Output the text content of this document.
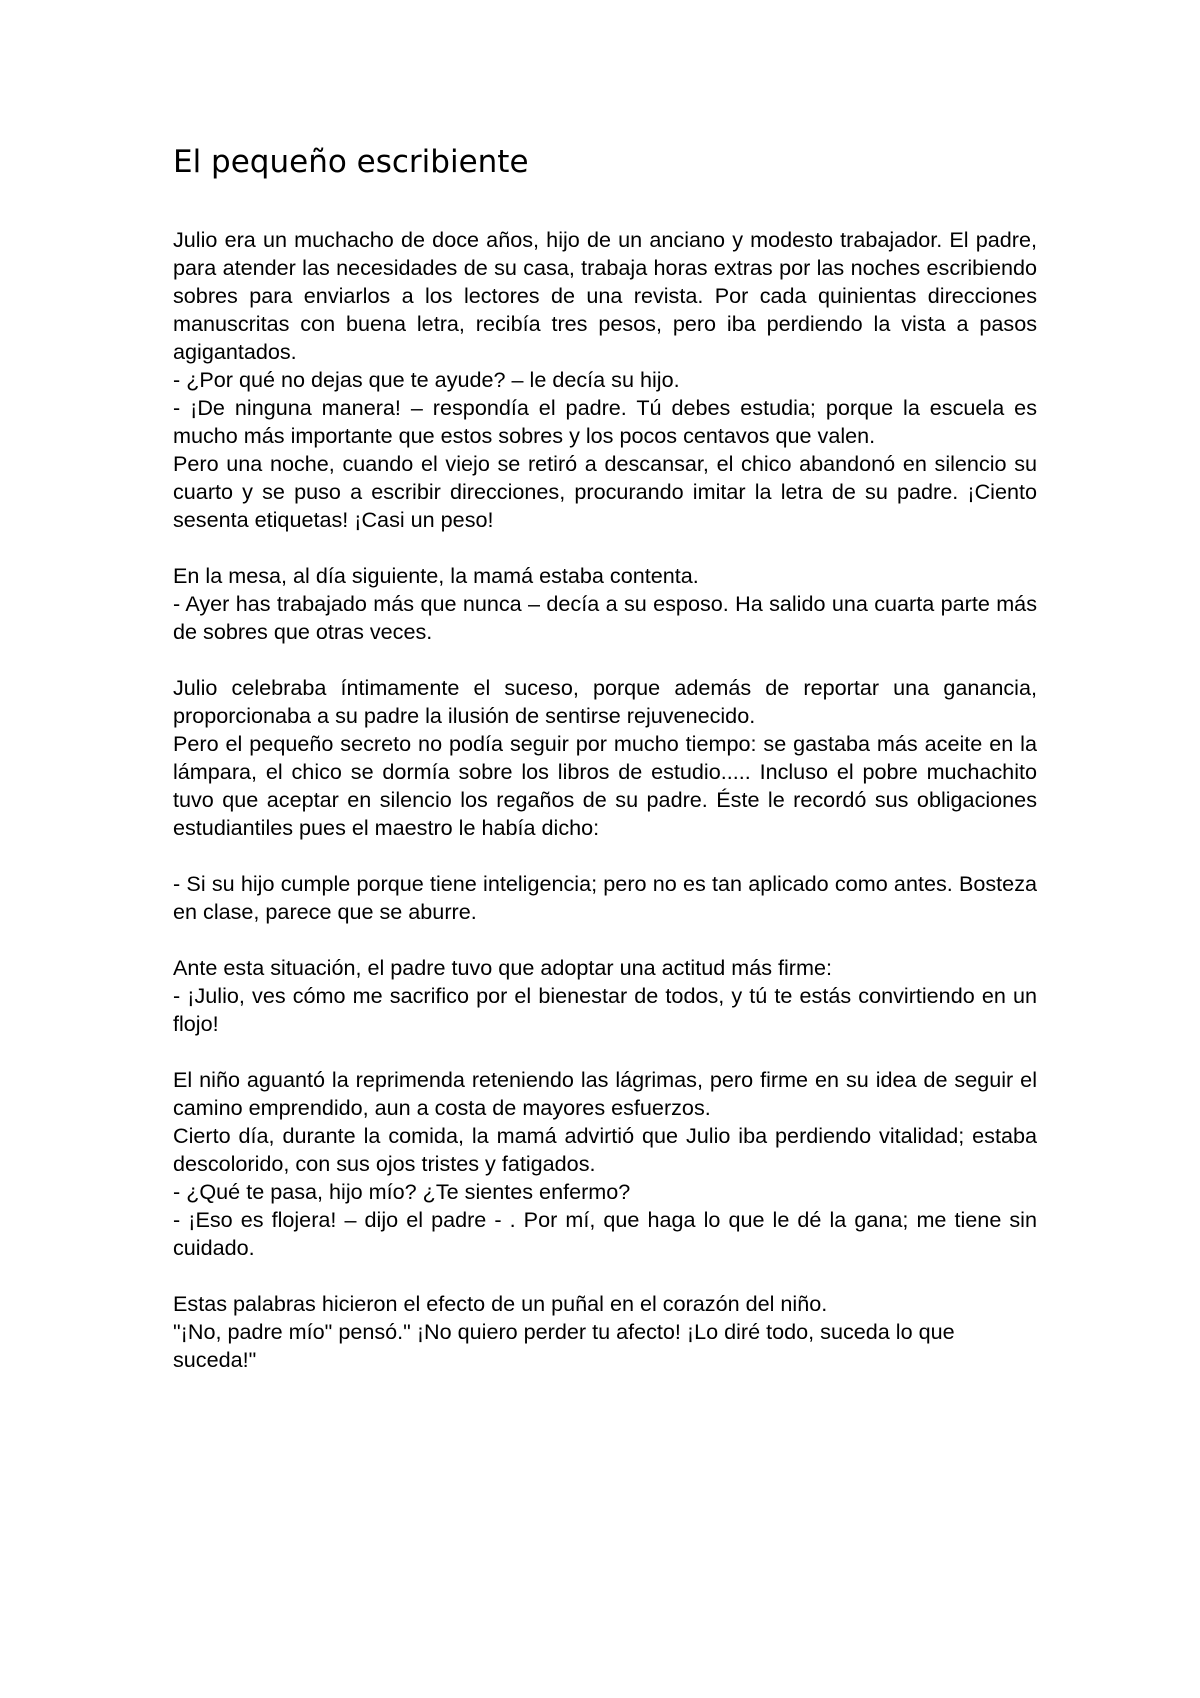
El pequeño escribiente

Julio era un muchacho de doce años, hijo de un anciano y modesto trabajador. El padre, para atender las necesidades de su casa, trabaja horas extras por las noches escribiendo sobres para enviarlos a los lectores de una revista. Por cada quinientas direcciones manuscritas con buena letra, recibía tres pesos, pero iba perdiendo la vista a pasos agigantados.

- ¿Por qué no dejas que te ayude? – le decía su hijo.

- ¡De ninguna manera! – respondía el padre. Tú debes estudia; porque la escuela es mucho más importante que estos sobres y los pocos centavos que valen.

Pero una noche, cuando el viejo se retiró a descansar, el chico abandonó en silencio su cuarto y se puso a escribir direcciones, procurando imitar la letra de su padre. ¡Ciento sesenta etiquetas! ¡Casi un peso!

En la mesa, al día siguiente, la mamá estaba contenta.

- Ayer has trabajado más que nunca – decía a su esposo. Ha salido una cuarta parte más de sobres que otras veces.

Julio celebraba íntimamente el suceso, porque además de reportar una ganancia, proporcionaba a su padre la ilusión de sentirse rejuvenecido.

Pero el pequeño secreto no podía seguir por mucho tiempo: se gastaba más aceite en la lámpara, el chico se dormía sobre los libros de estudio..... Incluso el pobre muchachito tuvo que aceptar en silencio los regaños de su padre. Éste le recordó sus obligaciones estudiantiles pues el maestro le había dicho:

- Si su hijo cumple porque tiene inteligencia; pero no es tan aplicado como antes. Bosteza en clase, parece que se aburre.

Ante esta situación, el padre tuvo que adoptar una actitud más firme:

- ¡Julio, ves cómo me sacrifico por el bienestar de todos, y tú te estás convirtiendo en un flojo!

El niño aguantó la reprimenda reteniendo las lágrimas, pero firme en su idea de seguir el camino emprendido, aun a costa de mayores esfuerzos.

Cierto día, durante la comida, la mamá advirtió que Julio iba perdiendo vitalidad; estaba descolorido, con sus ojos tristes y fatigados.

- ¿Qué te pasa, hijo mío? ¿Te sientes enfermo?

- ¡Eso es flojera! – dijo el padre - . Por mí, que haga lo que le dé la gana; me tiene sin cuidado.

Estas palabras hicieron el efecto de un puñal en el corazón del niño.

"¡No, padre mío" pensó." ¡No quiero perder tu afecto! ¡Lo diré todo, suceda lo que suceda!"
